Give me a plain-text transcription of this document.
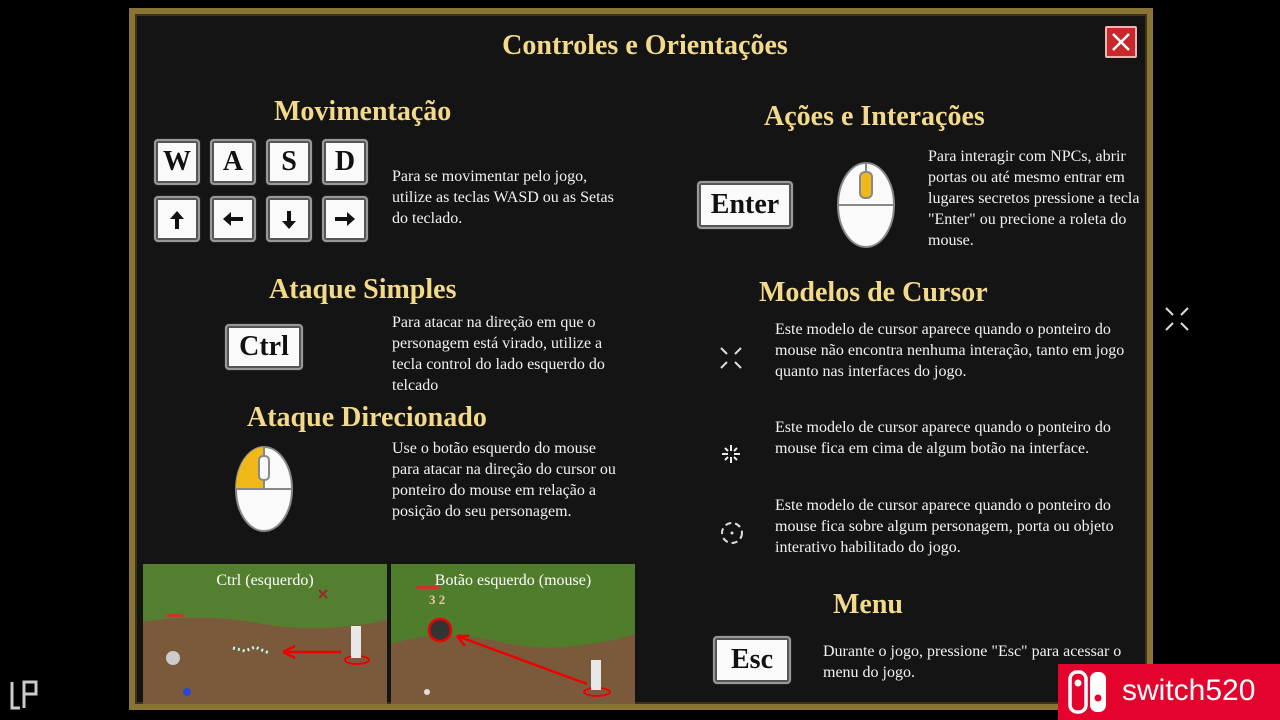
Controles e Orientações
Movimentação
W	A	S	D	Para se movimentar pelo jogo, utilize as teclas WASD ou as Setas do teclado.
Ataque Simples
Ctrl
Para atacar na direção em que o personagem está virado, utilize a tecla control do lado esquerdo do telcado
Ataque Direcionado
Use o botão esquerdo do mouse para atacar na direção do cursor ou ponteiro do mouse em relação a posição do seu personagem.
Ctrl (esquerdo)	Botão esquerdo (mouse)
3 2
Ações e Interações
Enter
Para interagir com NPCs, abrir portas ou até mesmo entrar em lugares secretos pressione a tecla "Enter" ou precione a roleta do mouse.
Modelos de Cursor
Este modelo de cursor aparece quando o ponteiro do mouse não encontra nenhuma interação, tanto em jogo quanto nas interfaces do jogo.
Este modelo de cursor aparece quando o ponteiro do mouse fica em cima de algum botão na interface.
Este modelo de cursor aparece quando o ponteiro do mouse fica sobre algum personagem, porta ou objeto interativo habilitado do jogo.
Menu
Esc	Durante o jogo, pressione "Esc" para acessar o menu do jogo.
switch520
